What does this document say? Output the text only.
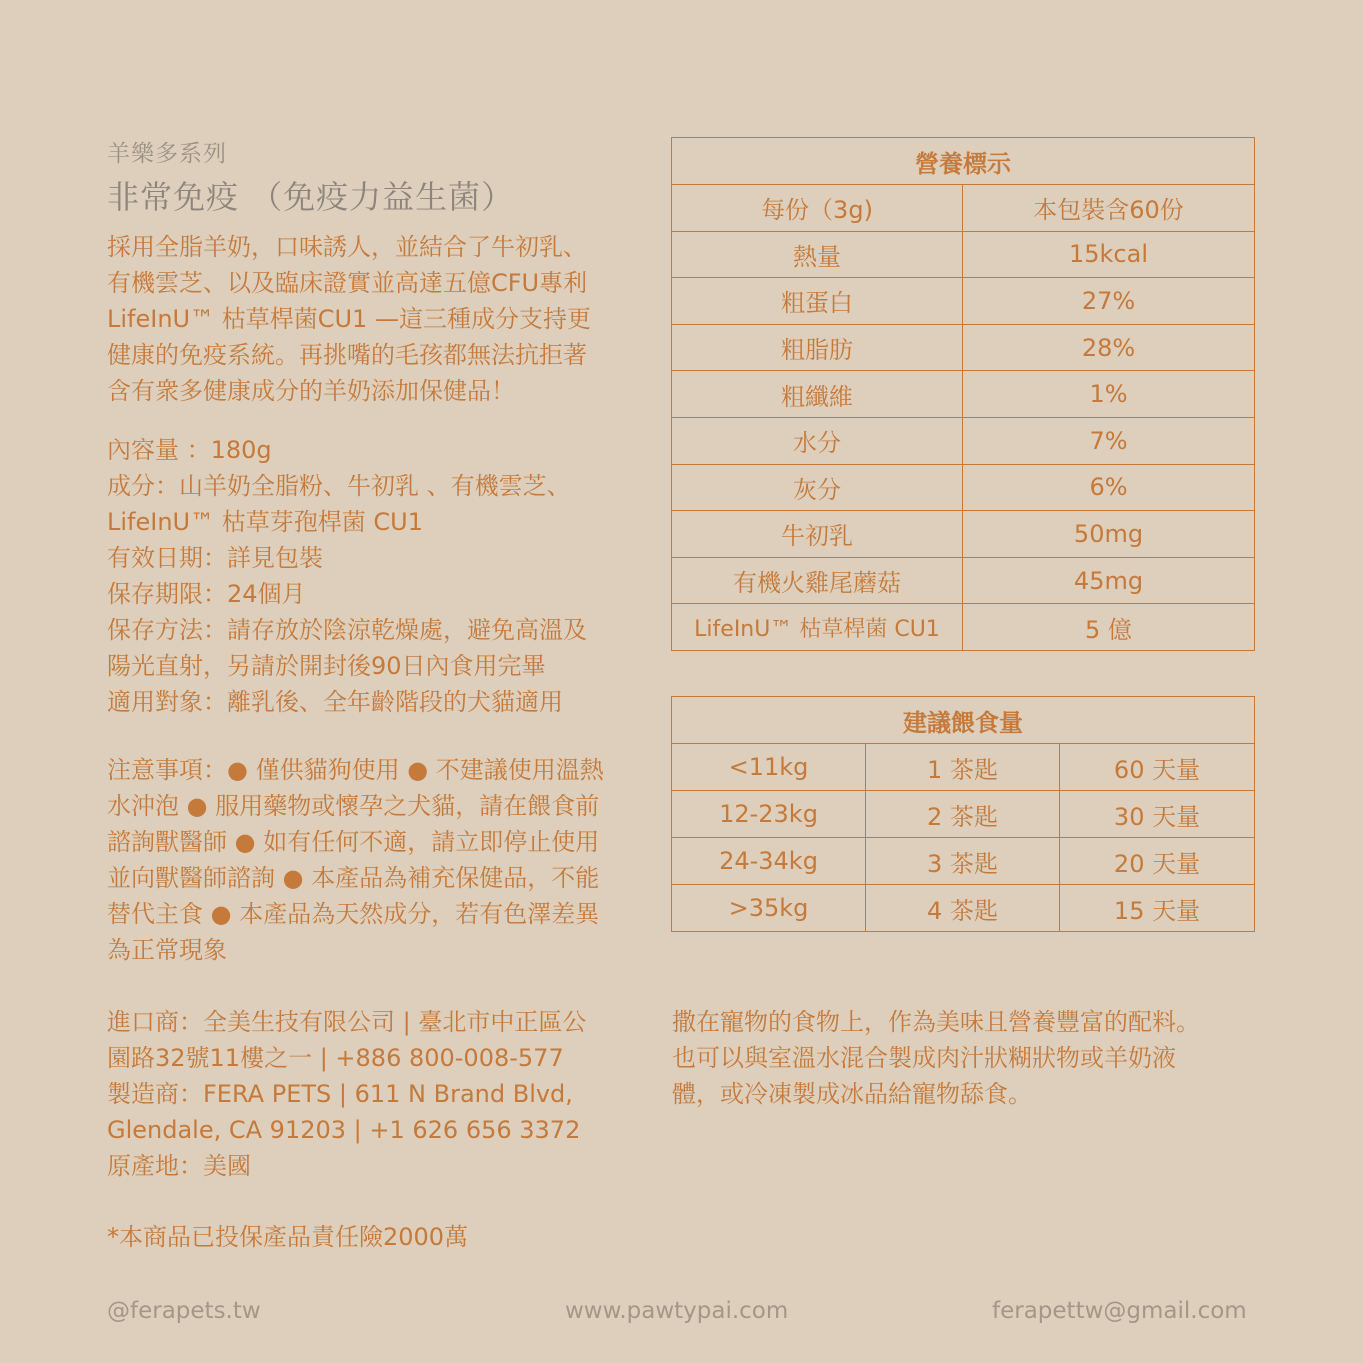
羊樂多系列
非常免疫 （免疫力益生菌）

採用全脂羊奶，口味誘人，並結合了牛初乳、
有機雲芝、以及臨床證實並高達五億CFU專利
LifeInU™ 枯草桿菌CU1 —這三種成分支持更
健康的免疫系統。再挑嘴的毛孩都無法抗拒著
含有衆多健康成分的羊奶添加保健品！

內容量 ：180g
成分：山羊奶全脂粉、牛初乳 、有機雲芝、
LifeInU™ 枯草芽孢桿菌 CU1
有效日期：詳見包裝
保存期限：24個月
保存方法：請存放於陰涼乾燥處，避免高溫及
陽光直射，另請於開封後90日內食用完畢
適用對象：離乳後、全年齡階段的犬貓適用

注意事項：● 僅供貓狗使用 ● 不建議使用溫熱
水沖泡 ● 服用藥物或懷孕之犬貓，請在餵食前
諮詢獸醫師 ● 如有任何不適，請立即停止使用
並向獸醫師諮詢 ● 本產品為補充保健品，不能
替代主食 ● 本產品為天然成分，若有色澤差異
為正常現象

進口商：全美生技有限公司 | 臺北市中正區公
園路32號11樓之一 | +886 800-008-577
製造商：FERA PETS | 611 N Brand Blvd,
Glendale, CA 91203 | +1 626 656 3372
原產地：美國

*本商品已投保產品責任險2000萬

營養標示	
每份（3g)	本包裝含60份
熱量	15kcal
粗蛋白	27%
粗脂肪	28%
粗纖維	1%
水分	7%
灰分	6%
牛初乳	50mg
有機火雞尾蘑菇	45mg
LifeInU™ 枯草桿菌 CU1	5 億
建議餵食量		
<11kg	1 茶匙	60 天量
12-23kg	2 茶匙	30 天量
24-34kg	3 茶匙	20 天量
>35kg	4 茶匙	15 天量

撒在寵物的食物上，作為美味且營養豐富的配料。
也可以與室溫水混合製成肉汁狀糊狀物或羊奶液
體，或冷凍製成冰品給寵物舔食。

@ferapets.tw	www.pawtypai.com	ferapettw@gmail.com
